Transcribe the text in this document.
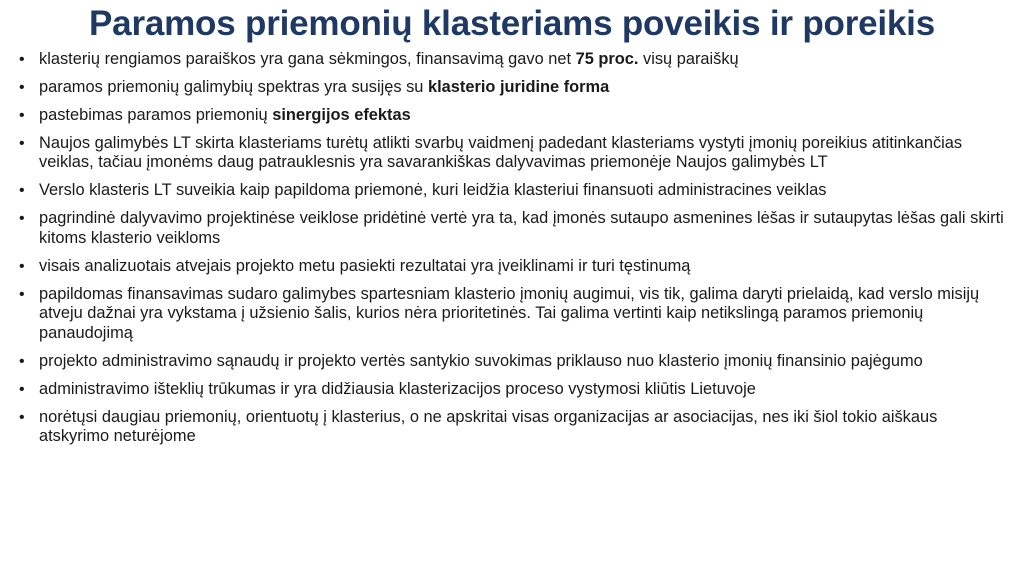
Paramos priemonių klasteriams poveikis ir poreikis
• klasterių rengiamos paraiškos yra gana sėkmingos, finansavimą gavo net 75 proc. visų paraiškų
• paramos priemonių galimybių spektras yra susijęs su klasterio juridine forma
• pastebimas paramos priemonių sinergijos efektas
• Naujos galimybės LT skirta klasteriams turėtų atlikti svarbų vaidmenį padedant klasteriams vystyti įmonių poreikius atitinkančias veiklas, tačiau įmonėms daug patrauklesnis yra savarankiškas dalyvavimas priemonėje Naujos galimybės LT
• Verslo klasteris LT suveikia kaip papildoma priemonė, kuri leidžia klasteriui finansuoti administracines veiklas
• pagrindinė dalyvavimo projektinėse veiklose pridėtinė vertė yra ta, kad įmonės sutaupo asmenines lėšas ir sutaupytas lėšas gali skirti kitoms klasterio veikloms
• visais analizuotais atvejais projekto metu pasiekti rezultatai yra įveiklinami ir turi tęstinumą
• papildomas finansavimas sudaro galimybes spartesniam klasterio įmonių augimui, vis tik, galima daryti prielaidą, kad verslo misijų atveju dažnai yra vykstama į užsienio šalis, kurios nėra prioritetinės. Tai galima vertinti kaip netikslingą paramos priemonių panaudojimą
• projekto administravimo sąnaudų ir projekto vertės santykio suvokimas priklauso nuo klasterio įmonių finansinio pajėgumo
• administravimo išteklių trūkumas ir yra didžiausia klasterizacijos proceso vystymosi kliūtis Lietuvoje
• norėtųsi daugiau priemonių, orientuotų į klasterius, o ne apskritai visas organizacijas ar asociacijas, nes iki šiol tokio aiškaus atskyrimo neturėjome
